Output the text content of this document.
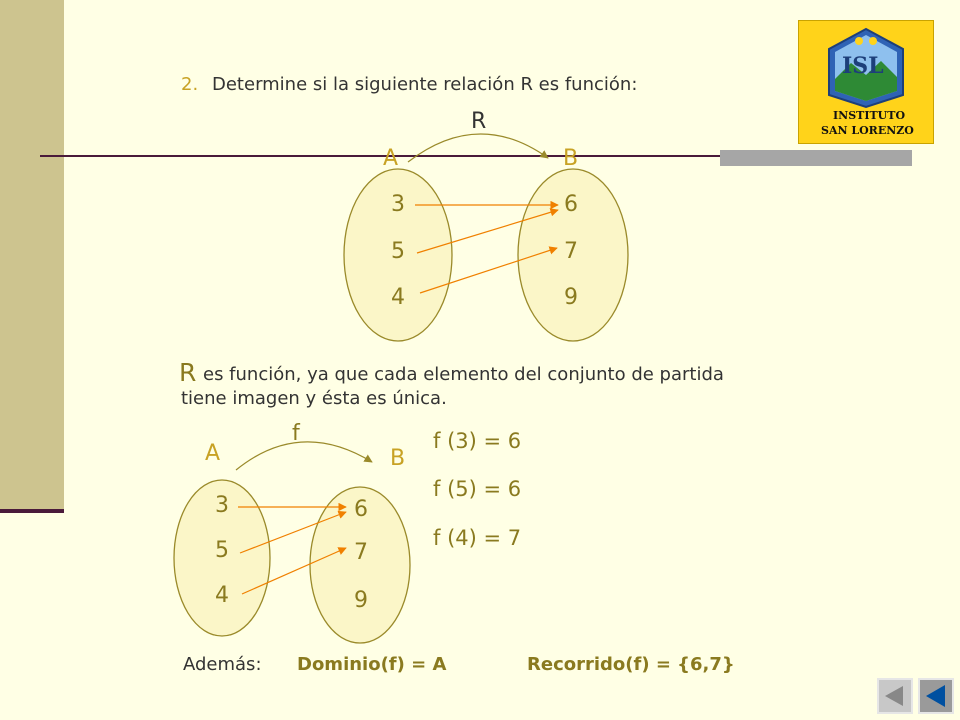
ISL
INSTITUTO
SAN LORENZO
2. Determine si la siguiente relación R es función:
R
A	B
3
5
4
6
7
9
R es función, ya que cada elemento del conjunto de partida
tiene imagen y ésta es única.
f
A	B
3
5
4
6
7
9
f (3) = 6
f (5) = 6
f (4) = 7
Además: Dominio(f) = A	Recorrido(f) = {6,7}
